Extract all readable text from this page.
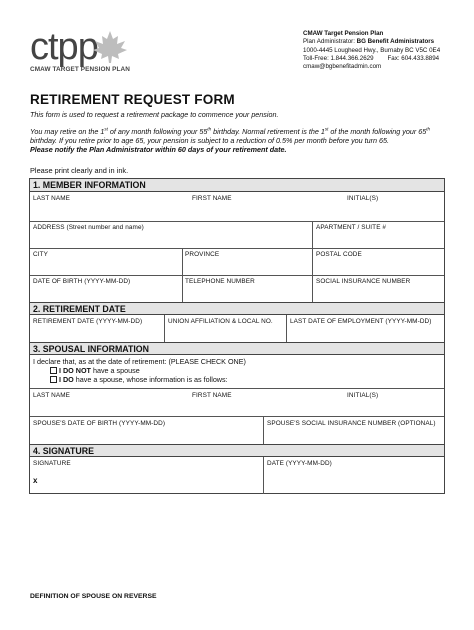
ctpp
CMAW TARGET PENSION PLAN
CMAW Target Pension Plan
Plan Administrator: BG Benefit Administrators
1000-4445 Lougheed Hwy., Burnaby BC V5C 0E4
Toll-Free: 1.844.366.2629 Fax: 604.433.8894
cmaw@bgbenefitadmin.com
RETIREMENT REQUEST FORM
This form is used to request a retirement package to commence your pension.
You may retire on the 1st of any month following your 55th birthday. Normal retirement is the 1st of the month following your 65th birthday. If you retire prior to age 65, your pension is subject to a reduction of 0.5% per month before you turn 65.
Please notify the Plan Administrator within 60 days of your retirement date.
Please print clearly and in ink.
1. MEMBER INFORMATION
LAST NAME	FIRST NAME	INITIAL(S)
ADDRESS (Street number and name)	APARTMENT / SUITE #
CITY	PROVINCE	POSTAL CODE
DATE OF BIRTH (YYYY-MM-DD)	TELEPHONE NUMBER	SOCIAL INSURANCE NUMBER
2. RETIREMENT DATE
RETIREMENT DATE (YYYY-MM-DD)	UNION AFFILIATION & LOCAL NO.	LAST DATE OF EMPLOYMENT (YYYY-MM-DD)
3. SPOUSAL INFORMATION
I declare that, as at the date of retirement: (PLEASE CHECK ONE)
I DO NOT have a spouse
I DO have a spouse, whose information is as follows:
LAST NAME	FIRST NAME	INITIAL(S)
SPOUSE'S DATE OF BIRTH (YYYY-MM-DD)	SPOUSE'S SOCIAL INSURANCE NUMBER (OPTIONAL)
4. SIGNATURE
SIGNATURE	DATE (YYYY-MM-DD)
x
DEFINITION OF SPOUSE ON REVERSE
